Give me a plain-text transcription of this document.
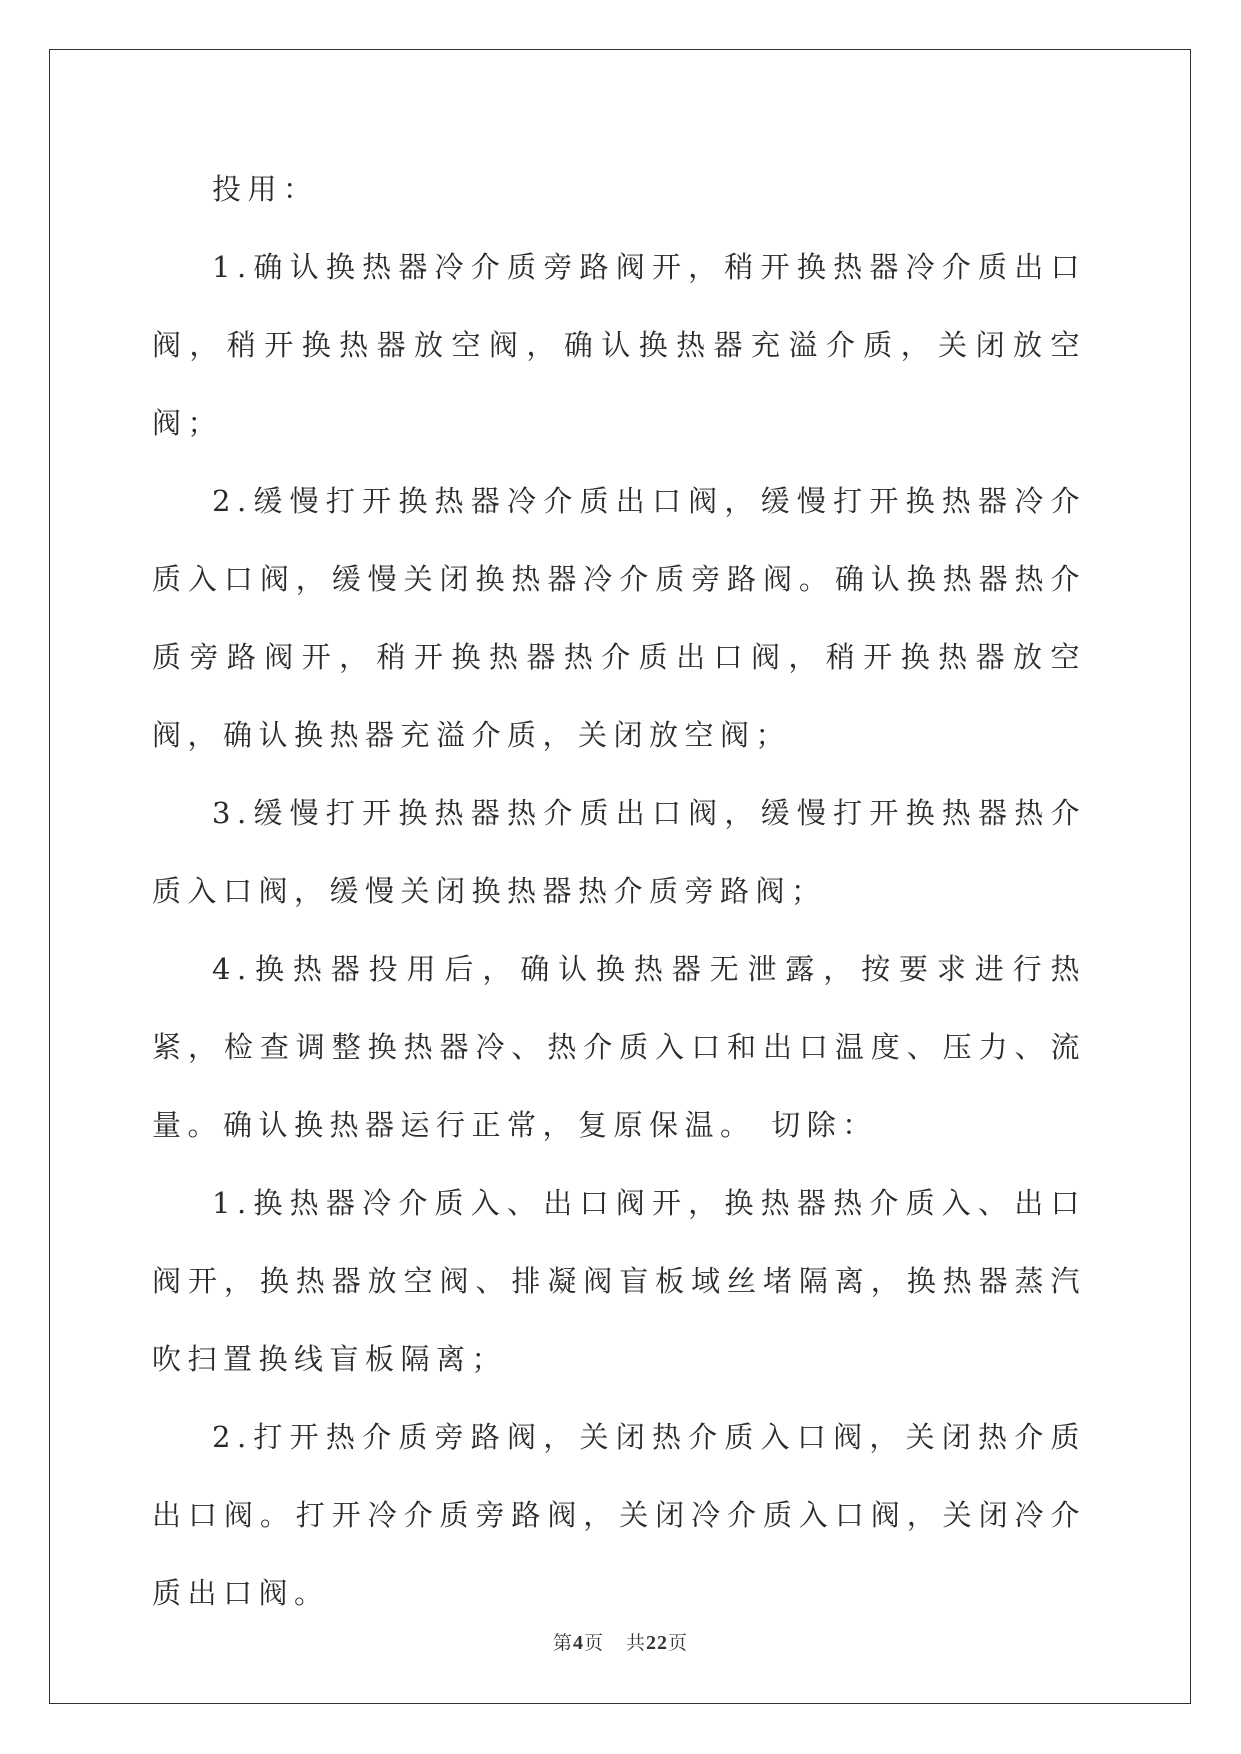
投用：

1.确认换热器冷介质旁路阀开，稍开换热器冷介质出口阀，稍开换热器放空阀，确认换热器充溢介质，关闭放空阀；

2.缓慢打开换热器冷介质出口阀，缓慢打开换热器冷介质入口阀，缓慢关闭换热器冷介质旁路阀。确认换热器热介质旁路阀开，稍开换热器热介质出口阀，稍开换热器放空阀，确认换热器充溢介质，关闭放空阀；

3.缓慢打开换热器热介质出口阀，缓慢打开换热器热介质入口阀，缓慢关闭换热器热介质旁路阀；

4.换热器投用后，确认换热器无泄露，按要求进行热紧，检查调整换热器冷、热介质入口和出口温度、压力、流量。确认换热器运行正常，复原保温。 切除：

1.换热器冷介质入、出口阀开，换热器热介质入、出口阀开，换热器放空阀、排凝阀盲板域丝堵隔离，换热器蒸汽吹扫置换线盲板隔离；

2.打开热介质旁路阀，关闭热介质入口阀，关闭热介质出口阀。打开冷介质旁路阀，关闭冷介质入口阀，关闭冷介质出口阀。

第4页 共22页
